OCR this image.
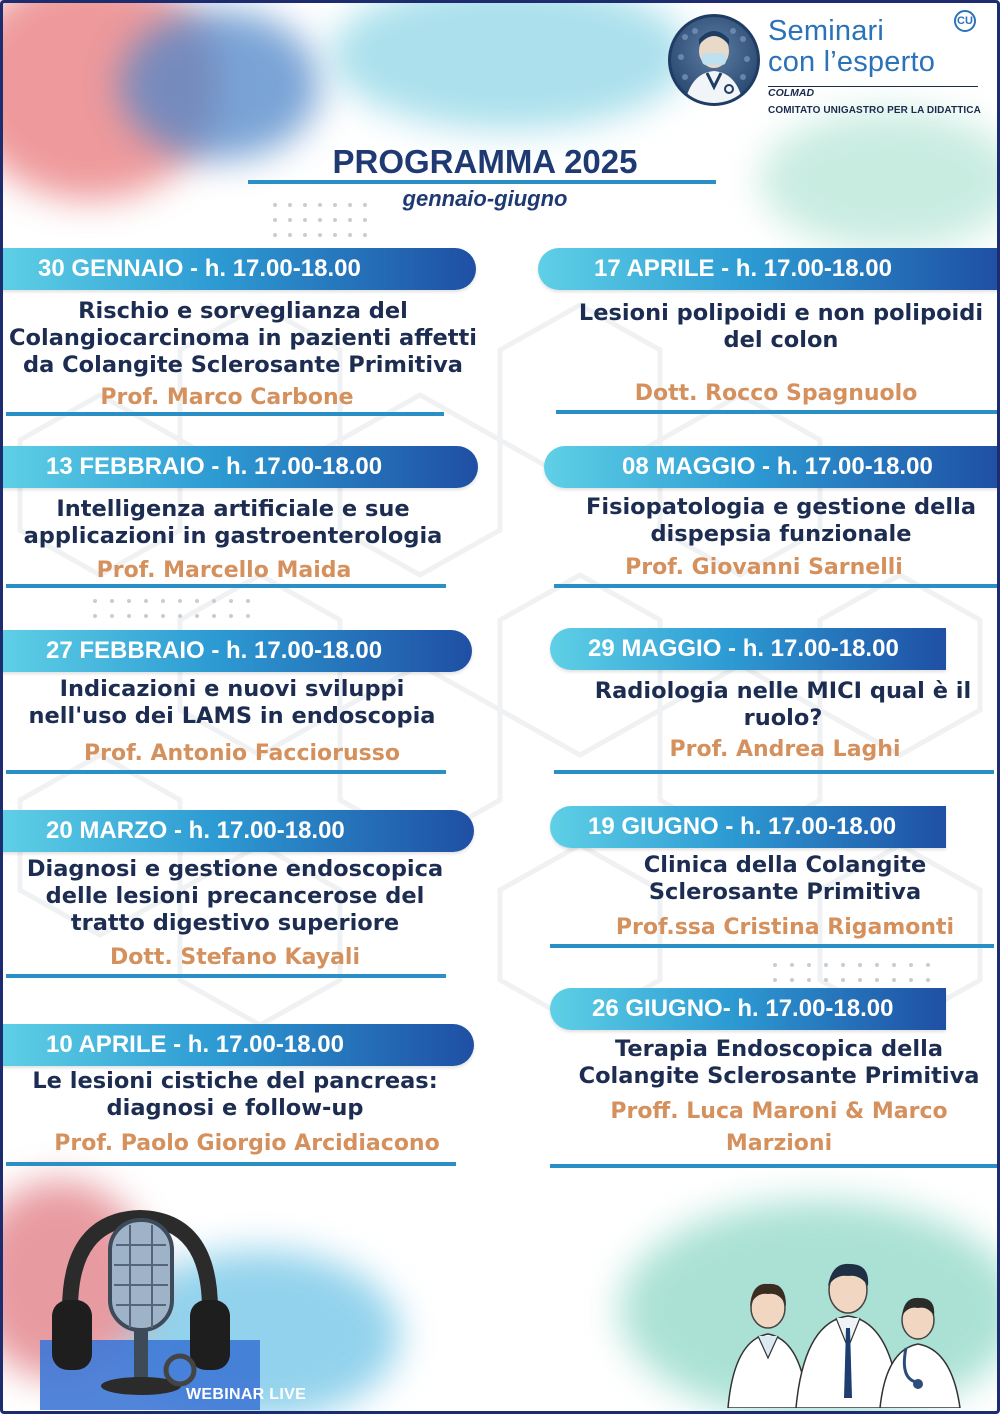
Seminari
con l’esperto
COLMAD
COMITATO UNIGASTRO PER LA DIDATTICA
CU
PROGRAMMA 2025
gennaio-giugno
30 GENNAIO - h. 17.00-18.00
Rischio e sorveglianza del
Colangiocarcinoma in pazienti affetti
da Colangite Sclerosante Primitiva
Prof. Marco Carbone
13 FEBBRAIO - h. 17.00-18.00
Intelligenza artificiale e sue
applicazioni in gastroenterologia
Prof. Marcello Maida
27 FEBBRAIO - h. 17.00-18.00
Indicazioni e nuovi sviluppi
nell'uso dei LAMS in endoscopia
Prof. Antonio Facciorusso
20 MARZO - h. 17.00-18.00
Diagnosi e gestione endoscopica
delle lesioni precancerose del
tratto digestivo superiore
Dott. Stefano Kayali
10 APRILE - h. 17.00-18.00
Le lesioni cistiche del pancreas:
diagnosi e follow-up
Prof. Paolo Giorgio Arcidiacono
17 APRILE - h. 17.00-18.00
Lesioni polipoidi e non polipoidi
del colon
Dott. Rocco Spagnuolo
08 MAGGIO - h. 17.00-18.00
Fisiopatologia e gestione della
dispepsia funzionale
Prof. Giovanni Sarnelli
29 MAGGIO - h. 17.00-18.00
Radiologia nelle MICI qual è il
ruolo?
Prof. Andrea Laghi
19 GIUGNO - h. 17.00-18.00
Clinica della Colangite
Sclerosante Primitiva
Prof.ssa Cristina Rigamonti
26 GIUGNO- h. 17.00-18.00
Terapia Endoscopica della
Colangite Sclerosante Primitiva
Proff. Luca Maroni & Marco
Marzioni
WEBINAR LIVE
